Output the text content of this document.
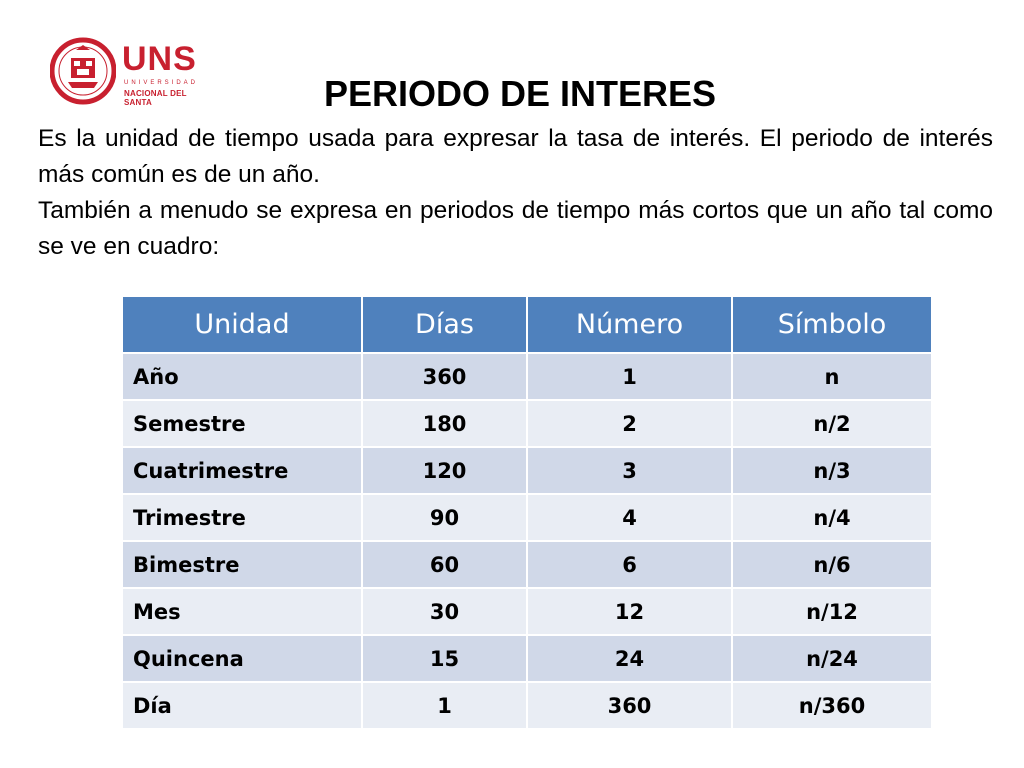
UNS
UNIVERSIDAD
NACIONAL DEL SANTA	PERIODO DE INTERES

Es la unidad de tiempo usada para expresar la tasa de interés. El periodo de interés más común es de un año.

También a menudo se expresa en periodos de tiempo más cortos que un año tal como se ve en cuadro:

Unidad	Días	Número	Símbolo
Año	360	1	n
Semestre	180	2	n/2
Cuatrimestre	120	3	n/3
Trimestre	90	4	n/4
Bimestre	60	6	n/6
Mes	30	12	n/12
Quincena	15	24	n/24
Día	1	360	n/360
